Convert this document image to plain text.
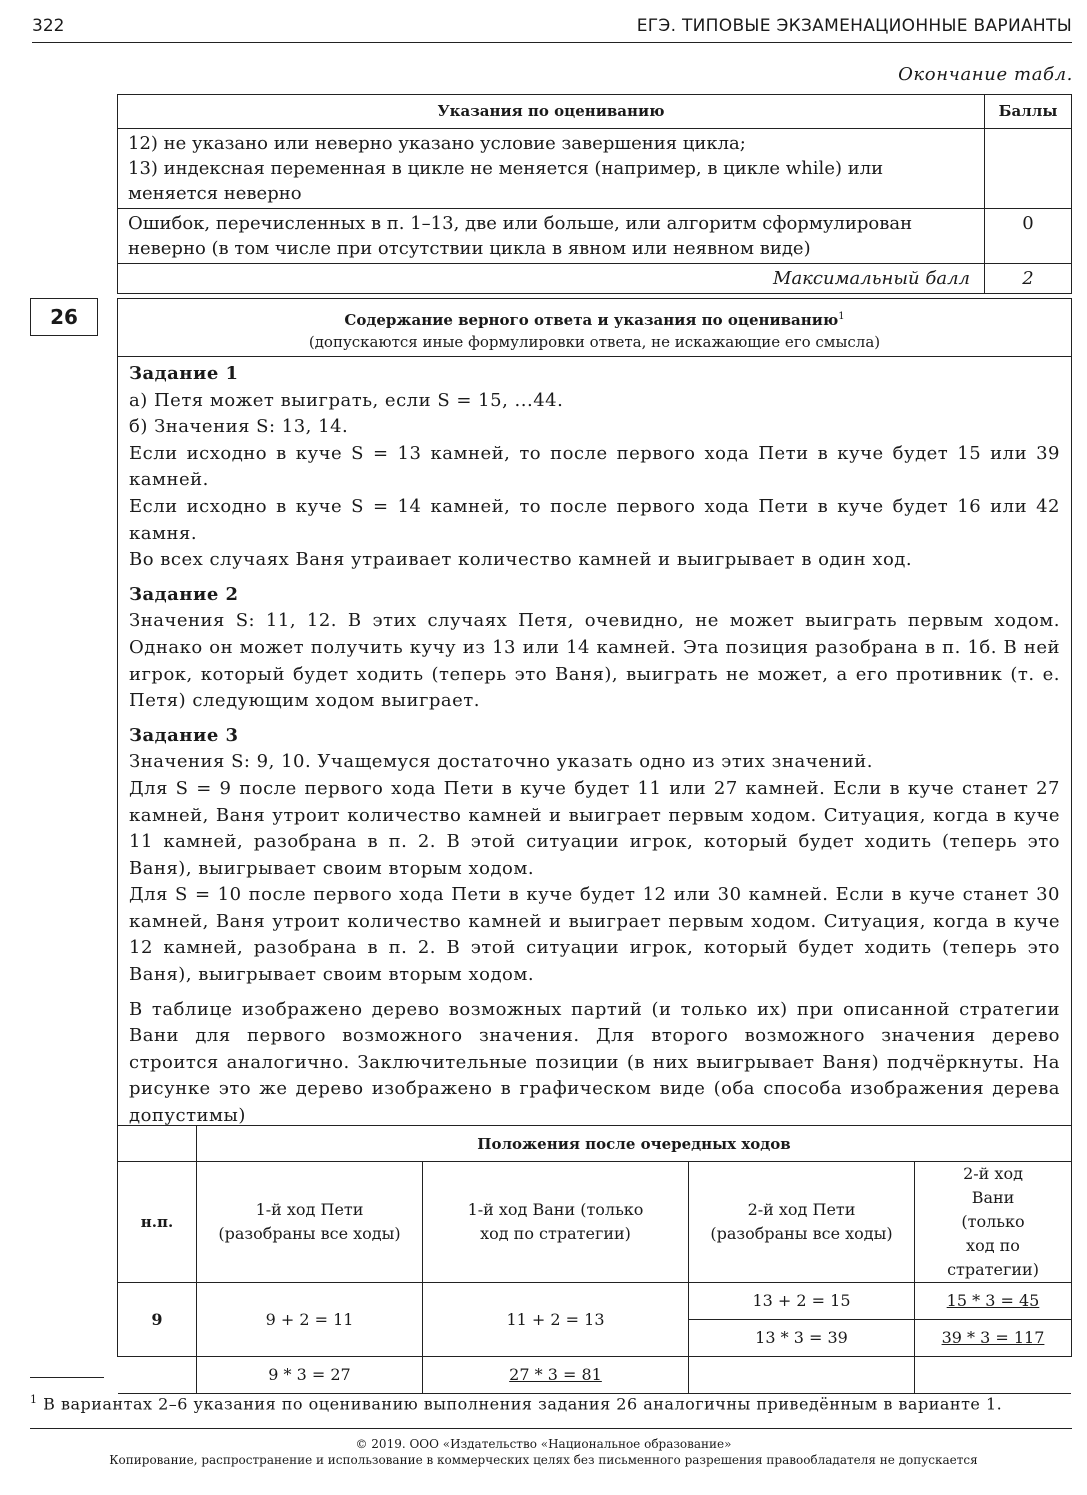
322	ЕГЭ. ТИПОВЫЕ ЭКЗАМЕНАЦИОННЫЕ ВАРИАНТЫ
Окончание табл.
Указания по оцениванию	Баллы

12) не указано или неверно указано условие завершения цикла;
13) индексная переменная в цикле не меняется (например, в цикле while) или меняется неверно	

Ошибок, перечисленных в п. 1–13, две или больше, или алгоритм сформулирован неверно (в том числе при отсутствии цикла в явном или неявном виде)	0
Максимальный балл	2
26	Содержание верного ответа и указания по оцениванию$^1$
(допускаются иные формулировки ответа, не искажающие его смысла)

Задание 1

а) Петя может выиграть, если S = 15, ...44.

б) Значения S: 13, 14.

Если исходно в куче S = 13 камней, то после первого хода Пети в куче будет 15 или 39 камней.

Если исходно в куче S = 14 камней, то после первого хода Пети в куче будет 16 или 42 камня.

Во всех случаях Ваня утраивает количество камней и выигрывает в один ход.

Задание 2

Значения S: 11, 12. В этих случаях Петя, очевидно, не может выиграть первым ходом. Однако он может получить кучу из 13 или 14 камней. Эта позиция разобрана в п. 1б. В ней игрок, который будет ходить (теперь это Ваня), выиграть не может, а его противник (т. е. Петя) следующим ходом выиграет.

Задание 3

Значения S: 9, 10. Учащемуся достаточно указать одно из этих значений.

Для S = 9 после первого хода Пети в куче будет 11 или 27 камней. Если в куче станет 27 камней, Ваня утроит количество камней и выиграет первым ходом. Ситуация, когда в куче 11 камней, разобрана в п. 2. В этой ситуации игрок, который будет ходить (теперь это Ваня), выигрывает своим вторым ходом.

Для S = 10 после первого хода Пети в куче будет 12 или 30 камней. Если в куче станет 30 камней, Ваня утроит количество камней и выиграет первым ходом. Ситуация, когда в куче 12 камней, разобрана в п. 2. В этой ситуации игрок, который будет ходить (теперь это Ваня), выигрывает своим вторым ходом.

В таблице изображено дерево возможных партий (и только их) при описанной стратегии Вани для первого возможного значения. Для второго возможного значения дерево строится аналогично. Заключительные позиции (в них выигрывает Ваня) подчёркнуты. На рисунке это же дерево изображено в графическом виде (оба способа изображения дерева допустимы)

	Положения после очередных ходов			
н.п.	1-й ход Пети (разобраны все ходы)	1-й ход Вани (только ход по стратегии)	2-й ход Пети (разобраны все ходы)	2-й ход Вани (только ход по стратегии)
9	9 + 2 = 11	11 + 2 = 13	13 + 2 = 15	15 * 3 = 45
			13 * 3 = 39	39 * 3 = 117
	9 * 3 = 27	27 * 3 = 81		
$^1$ В вариантах 2–6 указания по оцениванию выполнения задания 26 аналогичны приведённым в варианте 1.
© 2019. ООО «Издательство «Национальное образование»
Копирование, распространение и использование в коммерческих целях без письменного разрешения правообладателя не допускается
